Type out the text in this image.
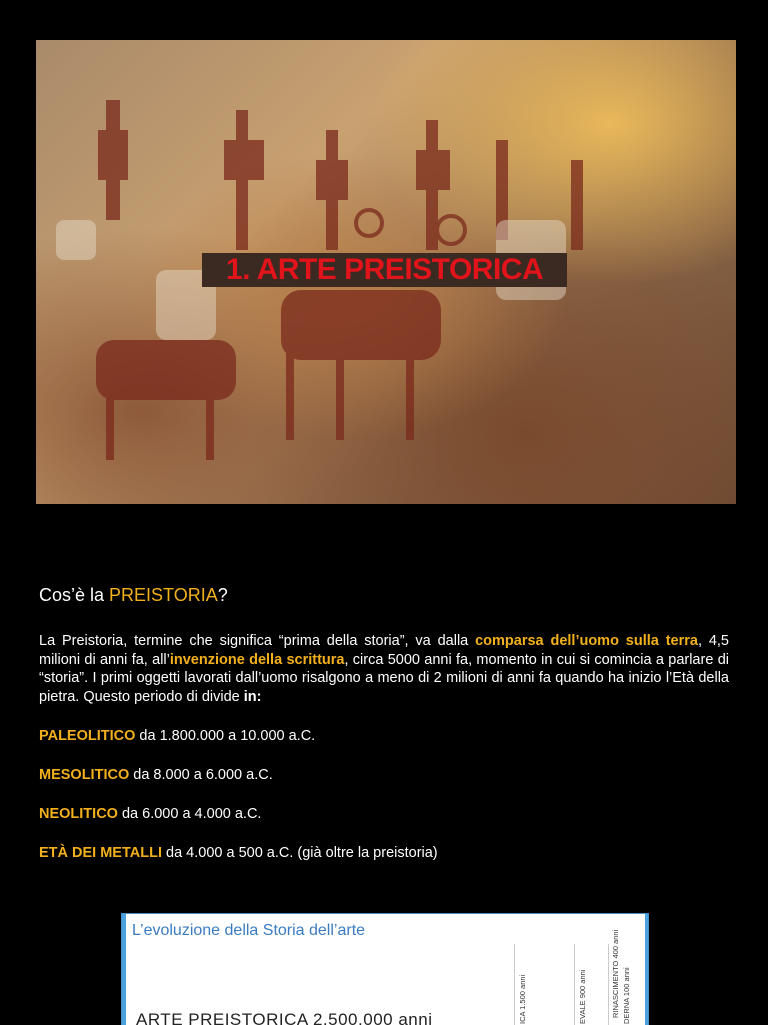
1. ARTE PREISTORICA
Cos’è la PREISTORIA?
La Preistoria, termine che significa “prima della storia”, va dalla comparsa dell’uomo sulla terra, 4,5 milioni di anni fa, all’invenzione della scrittura, circa 5000 anni fa, momento in cui si comincia a parlare di “storia”. I primi oggetti lavorati dall’uomo risalgono a meno di 2 milioni di anni fa quando ha inizio l’Età della pietra. Questo periodo di divide in:
PALEOLITICO da 1.800.000 a 10.000 a.C.
MESOLITICO da 8.000 a 6.000 a.C.
NEOLITICO da 6.000 a 4.000 a.C.
ETÀ DEI METALLI da 4.000 a 500 a.C. (già oltre la preistoria)
L’evoluzione della Storia dell’arte
ICA 1.500 anni	EVALE 900 anni	RINASCIMENTO 400 anni DERNA 100 anni
ARTE PREISTORICA 2.500.000 anni
